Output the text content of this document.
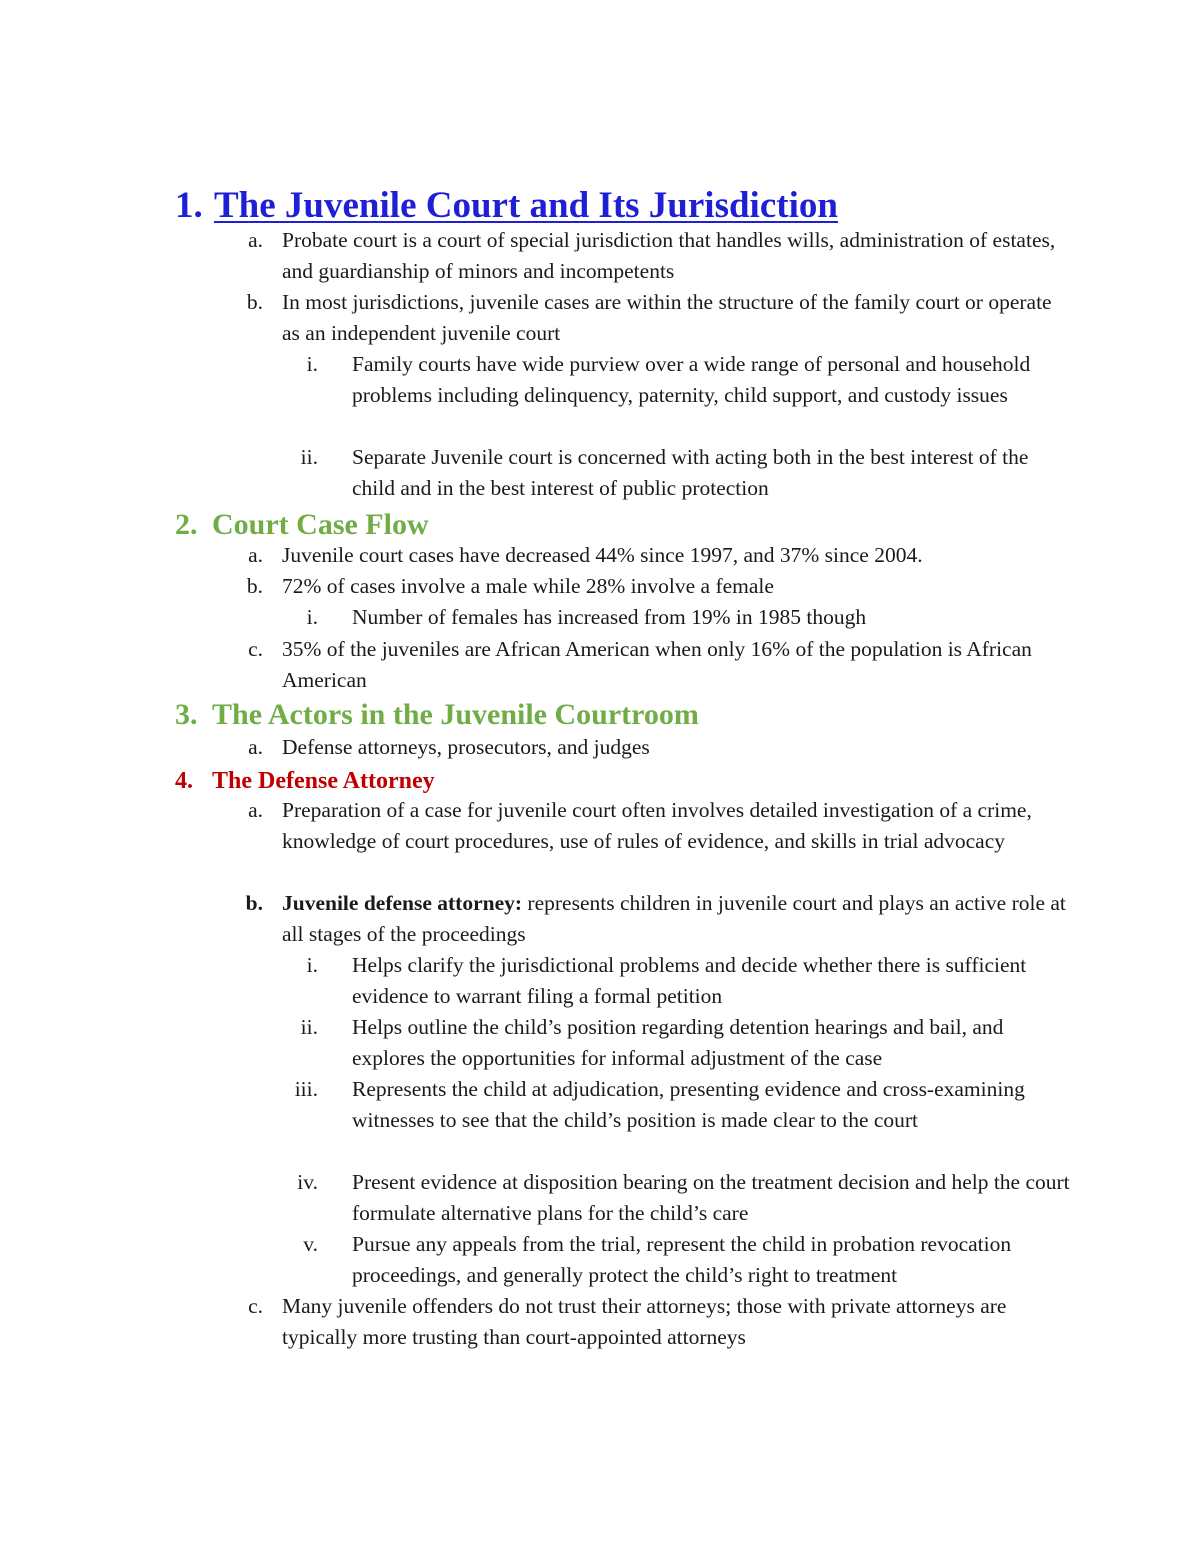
1. The Juvenile Court and Its Jurisdiction
a. Probate court is a court of special jurisdiction that handles wills, administration of estates, and guardianship of minors and incompetents
b. In most jurisdictions, juvenile cases are within the structure of the family court or operate as an independent juvenile court
i. Family courts have wide purview over a wide range of personal and household problems including delinquency, paternity, child support, and custody issues
ii. Separate Juvenile court is concerned with acting both in the best interest of the child and in the best interest of public protection
2. Court Case Flow
a. Juvenile court cases have decreased 44% since 1997, and 37% since 2004.
b. 72% of cases involve a male while 28% involve a female
i. Number of females has increased from 19% in 1985 though
c. 35% of the juveniles are African American when only 16% of the population is African American
3. The Actors in the Juvenile Courtroom
a. Defense attorneys, prosecutors, and judges
4. The Defense Attorney
a. Preparation of a case for juvenile court often involves detailed investigation of a crime, knowledge of court procedures, use of rules of evidence, and skills in trial advocacy
b. Juvenile defense attorney: represents children in juvenile court and plays an active role at all stages of the proceedings
i. Helps clarify the jurisdictional problems and decide whether there is sufficient evidence to warrant filing a formal petition
ii. Helps outline the child’s position regarding detention hearings and bail, and explores the opportunities for informal adjustment of the case
iii. Represents the child at adjudication, presenting evidence and cross-examining witnesses to see that the child’s position is made clear to the court
iv. Present evidence at disposition bearing on the treatment decision and help the court formulate alternative plans for the child’s care
v. Pursue any appeals from the trial, represent the child in probation revocation proceedings, and generally protect the child’s right to treatment
c. Many juvenile offenders do not trust their attorneys; those with private attorneys are typically more trusting than court-appointed attorneys
